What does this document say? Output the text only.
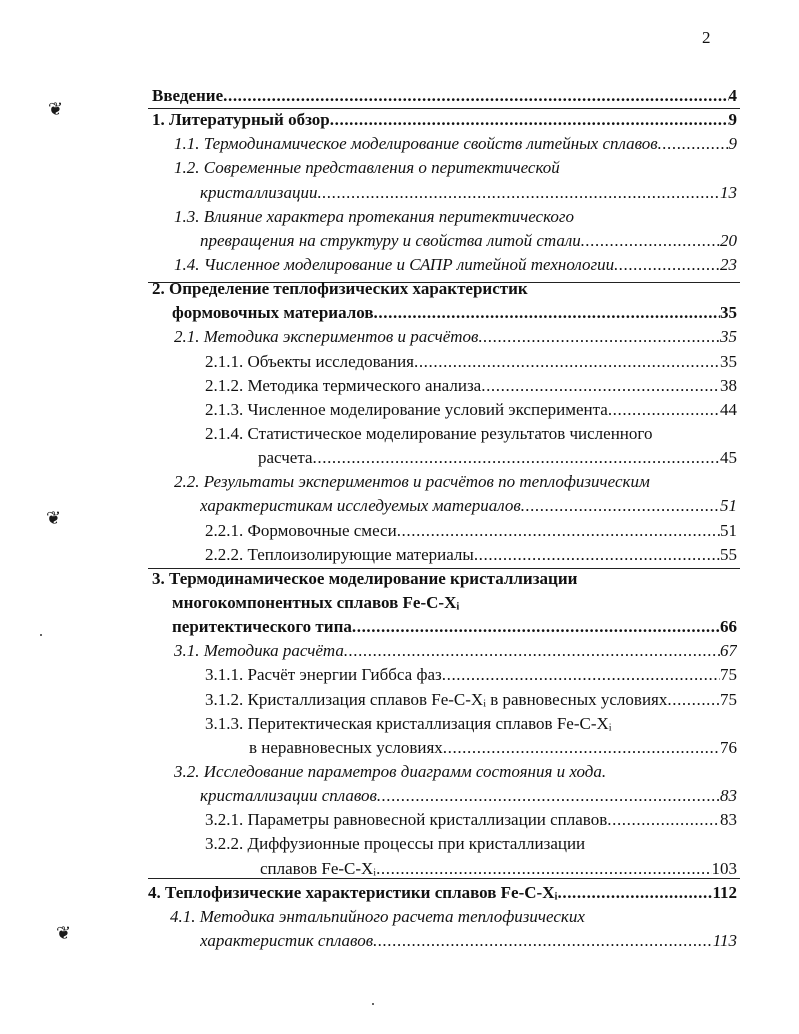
2
❦
❦
❦
Введение .....	4
1. Литературный обзор .....	9
1.1. Термодинамическое моделирование свойств литейных сплавов .....	9
1.2. Современные представления о перитектической
кристаллизации .....	13
1.3. Влияние характера протекания перитектического
превращения на структуру и свойства литой стали .....	20
1.4. Численное моделирование и САПР литейной технологии .....	23
2. Определение теплофизических характеристик
формовочных материалов .....	35
2.1. Методика экспериментов и расчётов .....	35
2.1.1. Объекты исследования .....	35
2.1.2. Методика термического анализа .....	38
2.1.3. Численное моделирование условий эксперимента .....	44
2.1.4. Статистическое моделирование результатов численного
расчета .....	45
2.2. Результаты экспериментов и расчётов по теплофизическим
характеристикам исследуемых материалов .....	51
2.2.1. Формовочные смеси .....	51
2.2.2. Теплоизолирующие материалы .....	55
3. Термодинамическое моделирование кристаллизации
многокомпонентных сплавов Fe-C-Xᵢ
перитектического типа .....	66
3.1. Методика расчёта .....	67
3.1.1. Расчёт энергии Гиббса фаз .....	75
3.1.2. Кристаллизация сплавов Fe-C-Xᵢ в равновесных условиях .....	75
3.1.3. Перитектическая кристаллизация сплавов Fe-C-Xᵢ
в неравновесных условиях .....	76
3.2. Исследование параметров диаграмм состояния и хода.
кристаллизации сплавов .....	83
3.2.1. Параметры равновесной кристаллизации сплавов .....	83
3.2.2. Диффузионные процессы при кристаллизации
сплавов Fe-C-Xᵢ .....	103
4. Теплофизические характеристики сплавов Fe-C-Xᵢ .....	112
4.1. Методика энтальпийного расчета теплофизических
характеристик сплавов .....	113
